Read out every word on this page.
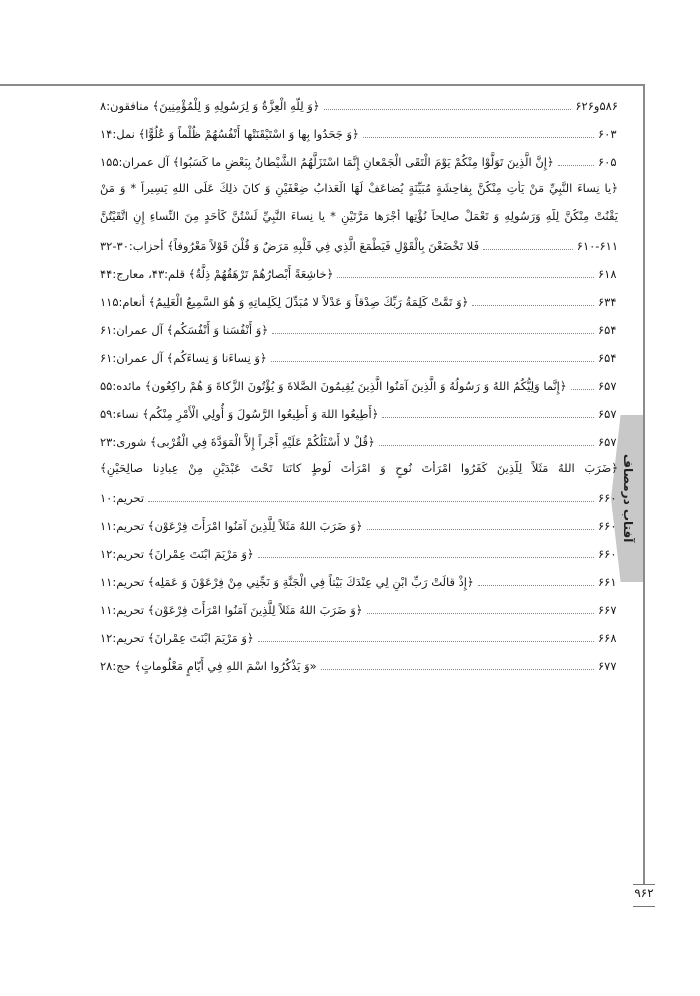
آفتاب درمصاف
۹۶۲
﴿وَ لِلّهِ الْعِزَّةُ وَ لِرَسُولِهِ وَ لِلْمُؤْمِنِينَ﴾ منافقون:۸	۵۸۶و۶۲۶
﴿وَ جَحَدُوا بِها وَ اسْتَيْقَنَتْها أَنْفُسُهُمْ ظُلْماً وَ عُلُوًّا﴾ نمل:۱۴	۶۰۳
﴿إِنَّ الَّذِينَ تَوَلَّوْا مِنْكُمْ يَوْمَ الْتَقَى الْجَمْعانِ إِنَّمَا اسْتَزَلَّهُمُ الشَّيْطانُ بِبَعْضِ ما كَسَبُوا﴾ آل عمران:۱۵۵	۶۰۵
﴿يا نِساءَ النَّبِيِّ مَنْ يَأْتِ مِنْكُنَّ بِفاحِشَةٍ مُبَيِّنَةٍ يُضاعَفْ لَهَا الْعَذابُ ضِعْفَيْنِ وَ كانَ ذلِكَ عَلَى اللهِ يَسِيراً * وَ مَنْ
يَقْنُتْ مِنْكُنَّ لِلّهِ وَرَسُولِهِ وَ تَعْمَلْ صالِحاً نُؤْتِها أَجْرَها مَرَّتَيْنِ * يا نِساءَ النَّبِيِّ لَسْتُنَّ كَأَحَدٍ مِنَ النِّساءِ إِنِ اتَّقَيْتُنَّ
فَلا تَخْضَعْنَ بِالْقَوْلِ فَيَطْمَعَ الَّذِي فِي قَلْبِهِ مَرَضٌ وَ قُلْنَ قَوْلاً مَعْرُوفاً﴾ أحزاب:۳۰-۳۲	۶۱۰-۶۱۱
﴿خاشِعَةً أَبْصارُهُمْ تَرْهَقُهُمْ ذِلَّةٌ﴾ قلم:۴۳، معارج:۴۴	۶۱۸
﴿وَ تَمَّتْ كَلِمَةُ رَبِّكَ صِدْقاً وَ عَدْلاً لا مُبَدِّلَ لِكَلِماتِهِ وَ هُوَ السَّمِيعُ الْعَلِيمُ﴾ أنعام:۱۱۵	۶۳۴
﴿وَ أَنْفُسَنا وَ أَنْفُسَكُم﴾ آل عمران:۶۱	۶۵۴
﴿وَ نِساءَنا وَ نِساءَكُم﴾ آل عمران:۶۱	۶۵۴
﴿إِنَّما وَلِيُّكُمُ اللهُ وَ رَسُولُهُ وَ الَّذِينَ آمَنُوا الَّذِينَ يُقِيمُونَ الصَّلاةَ وَ يُؤْتُونَ الزَّكاةَ وَ هُمْ راكِعُون﴾ مائده:۵۵	۶۵۷
﴿أَطِيعُوا اللهَ وَ أَطِيعُوا الرَّسُولَ وَ أُولِي الْأَمْرِ مِنْكُم﴾ نساء:۵۹	۶۵۷
﴿قُلْ لا أَسْئَلُكُمْ عَلَيْهِ أَجْراً إِلاَّ الْمَوَدَّةَ فِي الْقُرْبى﴾ شورى:۲۳	۶۵۷
﴿ضَرَبَ اللهُ مَثَلاً لِلَّذِينَ كَفَرُوا امْرَأَتَ نُوحٍ وَ امْرَأَتَ لُوطٍ كانَتا تَحْتَ عَبْدَيْنِ مِنْ عِبادِنا صالِحَيْنِ﴾
تحريم:۱۰	۶۶۰
﴿وَ ضَرَبَ اللهُ مَثَلاً لِلَّذِينَ آمَنُوا امْرَأَتَ فِرْعَوْن﴾ تحريم:۱۱	۶۶۰
﴿وَ مَرْيَمَ ابْنَتَ عِمْرانَ﴾ تحريم:۱۲	۶۶۰
﴿إِذْ قالَتْ رَبِّ ابْنِ لِي عِنْدَكَ بَيْتاً فِي الْجَنَّةِ وَ نَجِّنِي مِنْ فِرْعَوْنَ وَ عَمَلِه﴾ تحريم:۱۱	۶۶۱
﴿وَ ضَرَبَ اللهُ مَثَلاً لِلَّذِينَ آمَنُوا امْرَأَتَ فِرْعَوْن﴾ تحريم:۱۱	۶۶۷
﴿وَ مَرْيَمَ ابْنَتَ عِمْرانَ﴾ تحريم:۱۲	۶۶۸
«وَ يَذْكُرُوا اسْمَ اللهِ فِي أَيّامٍ مَعْلُوماتٍ﴾ حج:۲۸	۶۷۷
